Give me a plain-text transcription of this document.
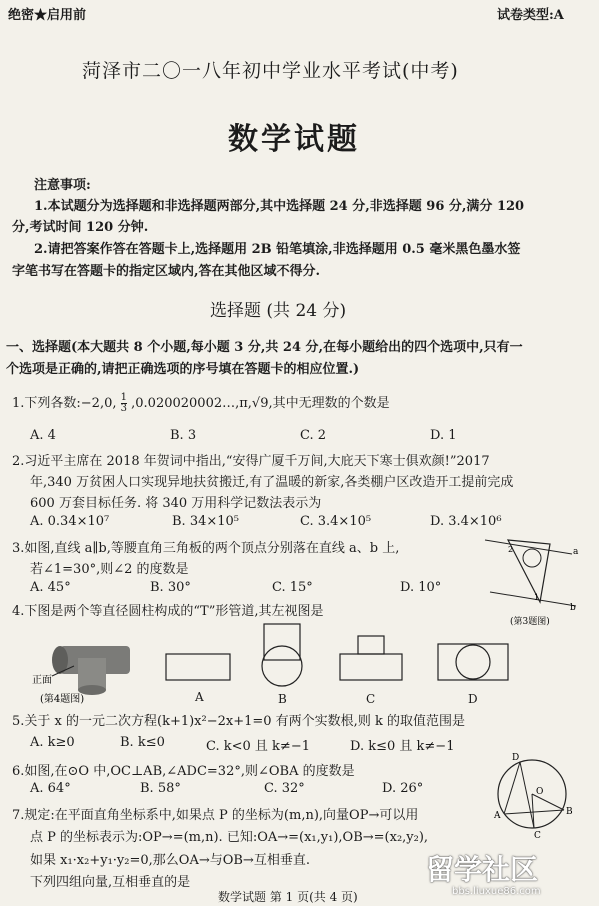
绝密★启用前	试卷类型:A
菏泽市二〇一八年初中学业水平考试(中考)
数学试题
注意事项:
1.本试题分为选择题和非选择题两部分,其中选择题 24 分,非选择题 96 分,满分 120
分,考试时间 120 分钟.
2.请把答案作答在答题卡上,选择题用 2B 铅笔填涂,非选择题用 0.5 毫米黑色墨水签
字笔书写在答题卡的指定区域内,答在其他区域不得分.
选择题 (共 24 分)
一、选择题(本大题共 8 个小题,每小题 3 分,共 24 分,在每小题给出的四个选项中,只有一
个选项是正确的,请把正确选项的序号填在答题卡的相应位置.)
1.下列各数:−2,0, $\frac{1}{3}$ ,0.020020002…,π,√9,其中无理数的个数是
A. 4	B. 3	C. 2	D. 1
2.习近平主席在 2018 年贺词中指出,“安得广厦千万间,大庇天下寒士俱欢颜!”2017
年,340 万贫困人口实现异地扶贫搬迁,有了温暖的新家,各类棚户区改造开工提前完成
600 万套目标任务. 将 340 万用科学记数法表示为
A. 0.34×10⁷	B. 34×10⁵	C. 3.4×10⁵	D. 3.4×10⁶
3.如图,直线 a∥b,等腰直角三角板的两个顶点分别落在直线 a、b 上,
若∠1=30°,则∠2 的度数是
A. 45°	B. 30°	C. 15°	D. 10°
a
b
2
1
(第3题图)
4.下图是两个等直径圆柱构成的“T”形管道,其左视图是
正面
(第4题图)	A	B	C	D
5.关于 x 的一元二次方程(k+1)x²−2x+1=0 有两个实数根,则 k 的取值范围是
A. k≥0	B. k≤0	C. k<0 且 k≠−1	D. k≤0 且 k≠−1
6.如图,在⊙O 中,OC⊥AB,∠ADC=32°,则∠OBA 的度数是
A. 64°	B. 58°	C. 32°	D. 26°
D
O
A	B
C
7.规定:在平面直角坐标系中,如果点 P 的坐标为(m,n),向量OP→可以用
点 P 的坐标表示为:OP→=(m,n). 已知:OA→=(x₁,y₁),OB→=(x₂,y₂),
如果 x₁·x₂+y₁·y₂=0,那么OA→与OB→互相垂直.
下列四组向量,互相垂直的是
数学试题 第 1 页(共 4 页)
留学社区
bbs.liuxue86.com
